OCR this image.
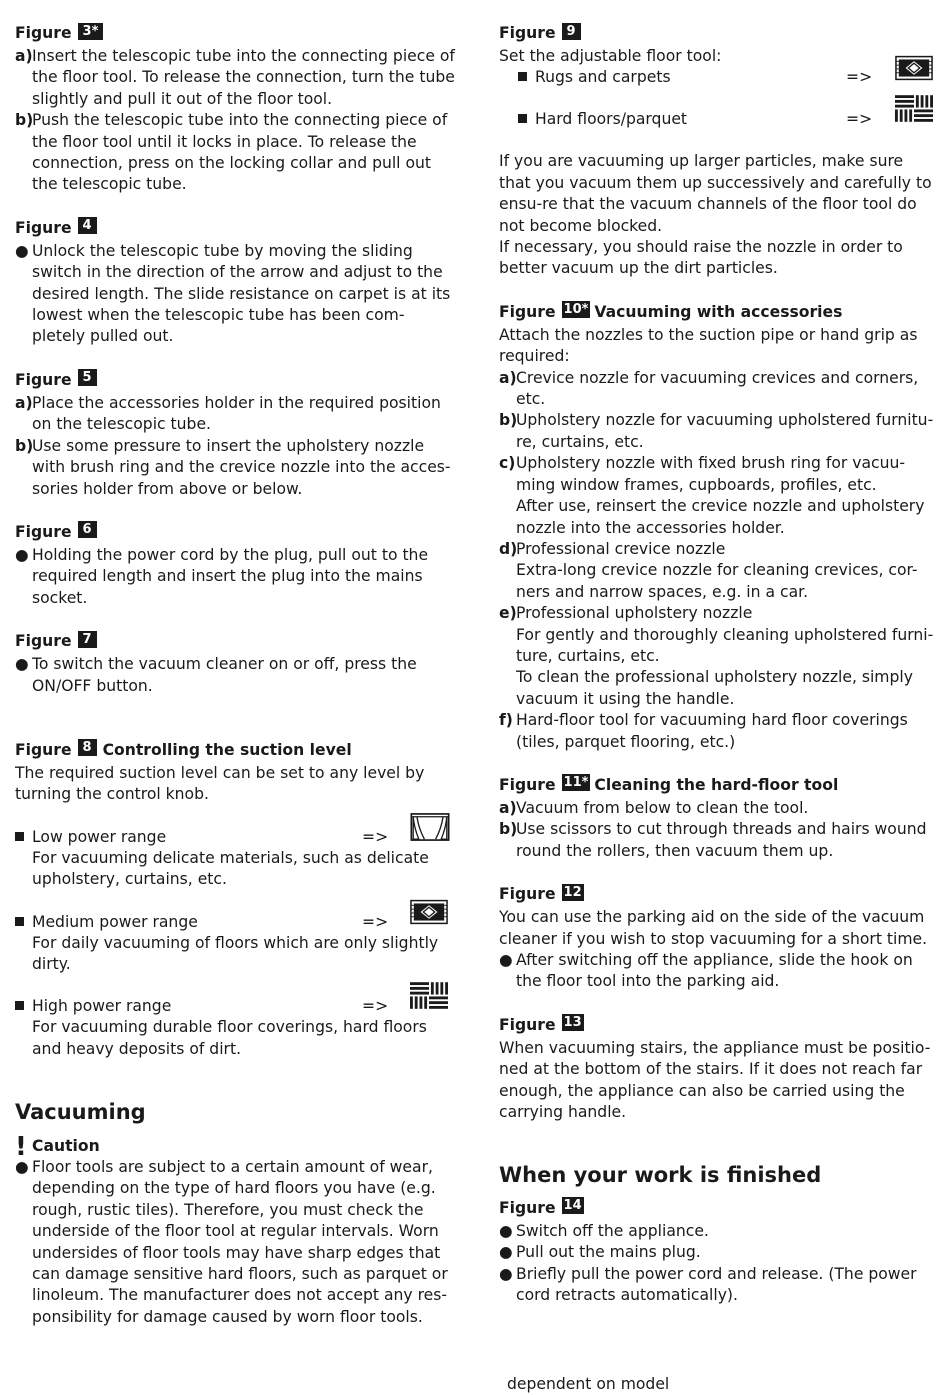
Figure 3*
a) Insert the telescopic tube into the connecting piece of the floor tool. To release the connection, turn the tube slightly and pull it out of the floor tool.
b)
Push the telescopic tube into the connecting piece of the floor tool until it locks in place. To release the connection, press on the locking collar and pull out the telescopic tube.
Figure 4
● Unlock the telescopic tube by moving the sliding switch in the direction of the arrow and adjust to the desired length. The slide resistance on carpet is at its lowest when the telescopic tube has been com-pletely pulled out.
Figure 5
a) Place the accessories holder in the required position on the telescopic tube.
b)
Use some pressure to insert the upholstery nozzle with brush ring and the crevice nozzle into the acces-sories holder from above or below.
Figure 6
● Holding the power cord by the plug, pull out to the required length and insert the plug into the mains socket.
Figure 7
● To switch the vacuum cleaner on or off, press the ON/OFF button.
Figure 8 Controlling the suction level

The required suction level can be set to any level by turning the control knob.

Low power range	=>
For vacuuming delicate materials, such as delicate upholstery, curtains, etc.
Medium power range	=>
For daily vacuuming of floors which are only slightly dirty.
High power range	=>
For vacuuming durable floor coverings, hard floors and heavy deposits of dirt.
Vacuuming
! Caution
● Floor tools are subject to a certain amount of wear, depending on the type of hard floors you have (e.g. rough, rustic tiles). Therefore, you must check the underside of the floor tool at regular intervals. Worn undersides of floor tools may have sharp edges that can damage sensitive hard floors, such as parquet or linoleum. The manufacturer does not accept any res-ponsibility for damage caused by worn floor tools.
Figure 9

Set the adjustable floor tool:

Rugs and carpets	=>
Hard floors/parquet	=>

If you are vacuuming up larger particles, make sure that you vacuum them up successively and carefully to ensu-re that the vacuum channels of the floor tool do not become blocked.

If necessary, you should raise the nozzle in order to better vacuum up the dirt particles.

Figure 10* Vacuuming with accessories

Attach the nozzles to the suction pipe or hand grip as required:

a) Crevice nozzle for vacuuming crevices and corners, etc.
b)
Upholstery nozzle for vacuuming upholstered furnitu-re, curtains, etc.
c) Upholstery nozzle with fixed brush ring for vacuu-ming window frames, cupboards, profiles, etc.
After use, reinsert the crevice nozzle and upholstery nozzle into the accessories holder.
d)
Professional crevice nozzle
Extra-long crevice nozzle for cleaning crevices, cor-ners and narrow spaces, e.g. in a car.
e) Professional upholstery nozzle
For gently and thoroughly cleaning upholstered furni-ture, curtains, etc.
To clean the professional upholstery nozzle, simply vacuum it using the handle.
f) Hard-floor tool for vacuuming hard floor coverings (tiles, parquet flooring, etc.)
Figure 11* Cleaning the hard-floor tool
a) Vacuum from below to clean the tool.
b)
Use scissors to cut through threads and hairs wound round the rollers, then vacuum them up.
Figure 12

You can use the parking aid on the side of the vacuum cleaner if you wish to stop vacuuming for a short time.

● After switching off the appliance, slide the hook on the floor tool into the parking aid.
Figure 13

When vacuuming stairs, the appliance must be positio-ned at the bottom of the stairs. If it does not reach far enough, the appliance can also be carried using the carrying handle.

When your work is finished
Figure 14
● Switch off the appliance.
● Pull out the mains plug.
● Briefly pull the power cord and release. (The power cord retracts automatically).
dependent on model
